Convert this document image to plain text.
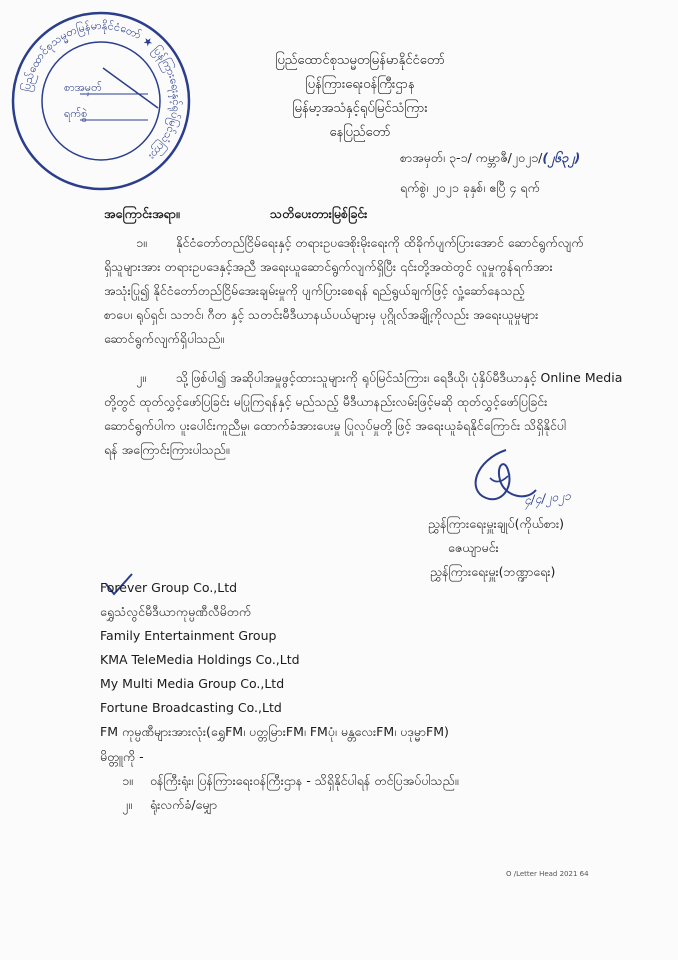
ပြည်ထောင်စုသမ္မတမြန်မာနိုင်ငံတော် ★ ပြန်ကြားရေးနှင့်ရုပ်မြင်သံကြား
စာအမှတ်
ရက်စွဲ
ပြည်ထောင်စုသမ္မတမြန်မာနိုင်ငံတော်
ပြန်ကြားရေးဝန်ကြီးဌာန
မြန်မာ့အသံနှင့်ရုပ်မြင်သံကြား
နေပြည်တော်
စာအမှတ်၊ ၃-၁/ ကမ္ဘာဇီ/၂၀၂၁/(၂၆၃၂)
ရက်စွဲ၊ ၂၀၂၁ ခုနှစ်၊ ဧပြီ ၄ ရက်
အကြောင်းအရာ။	သတိပေးတားမြစ်ခြင်း
၁။ နိုင်ငံတော်တည်ငြိမ်ရေးနှင့် တရားဥပဒေစိုးမိုးရေးကို ထိခိုက်ပျက်ပြားအောင် ဆောင်ရွက်လျက်
ရှိသူများအား တရားဥပဒေနှင့်အညီ အရေးယူဆောင်ရွက်လျက်ရှိပြီး ၎င်းတို့အထဲတွင် လူမှုကွန်ရက်အား
အသုံးပြု၍ နိုင်ငံတော်တည်ငြိမ်အေးချမ်းမှုကို ပျက်ပြားစေရန် ရည်ရွယ်ချက်ဖြင့် လှုံ့ဆော်နေသည့်
စာပေ၊ ရုပ်ရှင်၊ သဘင်၊ ဂီတ နှင့် သတင်းမီဒီယာနယ်ပယ်များမှ ပုဂ္ဂိုလ်အချို့ကိုလည်း အရေးယူမှုများ
ဆောင်ရွက်လျက်ရှိပါသည်။
၂။ သို့ဖြစ်ပါ၍ အဆိုပါအမှုဖွင့်ထားသူများကို ရုပ်မြင်သံကြား၊ ရေဒီယို၊ ပုံနှိပ်မီဒီယာနှင့် Online Media
တို့တွင် ထုတ်လွှင့်ဖော်ပြခြင်း မပြုကြရန်နှင့် မည်သည့် မီဒီယာနည်းလမ်းဖြင့်မဆို ထုတ်လွှင့်ဖော်ပြခြင်း
ဆောင်ရွက်ပါက ပူးပေါင်းကူညီမှု၊ ထောက်ခံအားပေးမှု ပြုလုပ်မှုတို့ဖြင့် အရေးယူခံရနိုင်ကြောင်း သိရှိနိုင်ပါ
ရန် အကြောင်းကြားပါသည်။
၄/၄/၂၀၂၁
ညွှန်ကြားရေးမှူးချုပ်(ကိုယ်စား)
ဇေယျာမင်း
ညွှန်ကြားရေးမှူး(ဘဏ္ဍာရေး)
Forever Group Co.,Ltd
ရွှေသံလွင်မီဒီယာကုမ္ပဏီလီမိတက်
Family Entertainment Group
KMA TeleMedia Holdings Co.,Ltd
My Multi Media Group Co.,Ltd
Fortune Broadcasting Co.,Ltd
FM ကုမ္ပဏီများအားလုံး(ရွှေFM၊ ပတ္တမြားFM၊ FMပုံ၊ မန္တလေးFM၊ ပဒုမ္မာFM)
မိတ္တူကို -
၁။ ဝန်ကြီးရုံး၊ ပြန်ကြားရေးဝန်ကြီးဌာန - သိရှိနိုင်ပါရန် တင်ပြအပ်ပါသည်။
၂။ ရုံးလက်ခံ/မျှော
O /Letter Head 2021 64
